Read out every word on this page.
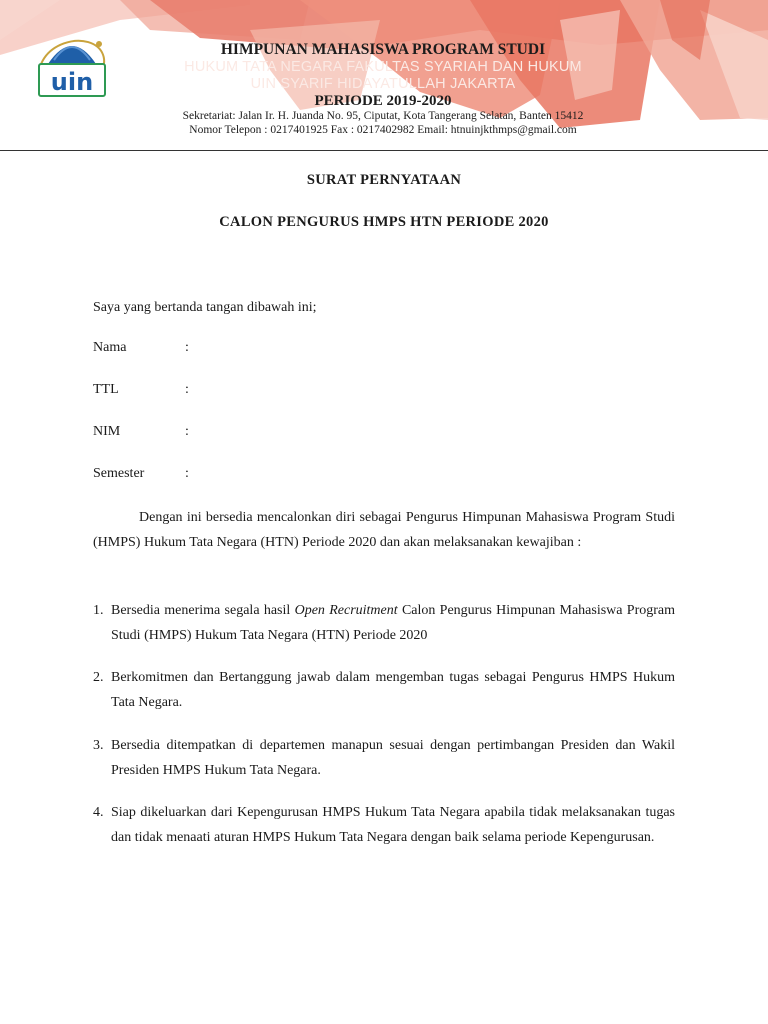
uin
HIMPUNAN MAHASISWA PROGRAM STUDI
HUKUM TATA NEGARA FAKULTAS SYARIAH DAN HUKUM
UIN SYARIF HIDAYATULLAH JAKARTA
PERIODE 2019-2020
Sekretariat: Jalan Ir. H. Juanda No. 95, Ciputat, Kota Tangerang Selatan, Banten 15412
Nomor Telepon : 0217401925 Fax : 0217402982 Email: htnuinjkthmps@gmail.com
SURAT PERNYATAAN
CALON PENGURUS HMPS HTN PERIODE 2020
Saya yang bertanda tangan dibawah ini;
Nama	:
TTL	:
NIM	:
Semester	:
Dengan ini bersedia mencalonkan diri sebagai Pengurus Himpunan Mahasiswa Program Studi (HMPS) Hukum Tata Negara (HTN) Periode 2020 dan akan melaksanakan kewajiban :
1. Bersedia menerima segala hasil Open Recruitment Calon Pengurus Himpunan Mahasiswa Program Studi (HMPS) Hukum Tata Negara (HTN) Periode 2020
2. Berkomitmen dan Bertanggung jawab dalam mengemban tugas sebagai Pengurus HMPS Hukum Tata Negara.
3. Bersedia ditempatkan di departemen manapun sesuai dengan pertimbangan Presiden dan Wakil Presiden HMPS Hukum Tata Negara.
4. Siap dikeluarkan dari Kepengurusan HMPS Hukum Tata Negara apabila tidak melaksanakan tugas dan tidak menaati aturan HMPS Hukum Tata Negara dengan baik selama periode Kepengurusan.
